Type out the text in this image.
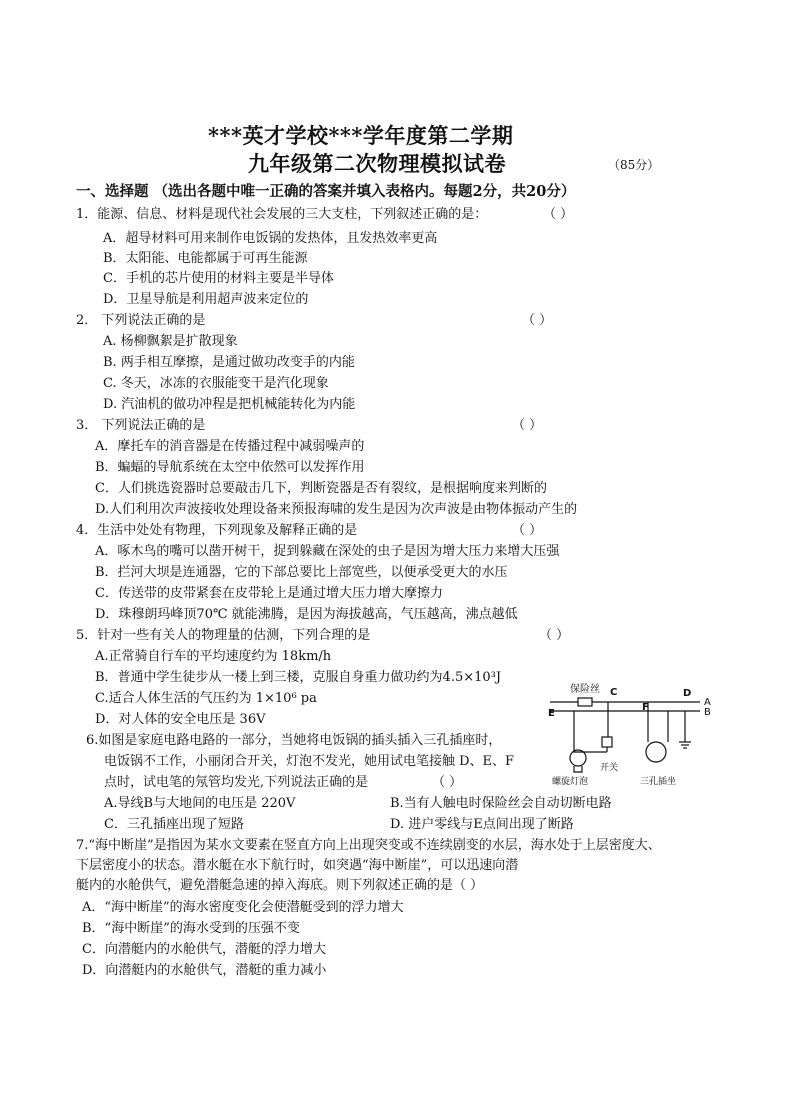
***英才学校***学年度第二学期
九年级第二次物理模拟试卷	（85分）
一、选择题 （选出各题中唯一正确的答案并填入表格内。每题2分，共20分）
1．能源、信息、材料是现代社会发展的三大支柱，下列叙述正确的是：	（ ）
A．超导材料可用来制作电饭锅的发热体，且发热效率更高
B．太阳能、电能都属于可再生能源
C．手机的芯片使用的材料主要是半导体
D．卫星导航是利用超声波来定位的
2． 下列说法正确的是	（ ）
A. 杨柳飘絮是扩散现象
B. 两手相互摩擦，是通过做功改变手的内能
C. 冬天，冰冻的衣服能变干是汽化现象
D. 汽油机的做功冲程是把机械能转化为内能
3． 下列说法正确的是	（ ）
A．摩托车的消音器是在传播过程中减弱噪声的
B．蝙蝠的导航系统在太空中依然可以发挥作用
C．人们挑选瓷器时总要敲击几下，判断瓷器是否有裂纹，是根据响度来判断的
D.人们利用次声波接收处理设备来预报海啸的发生是因为次声波是由物体振动产生的
4．生活中处处有物理，下列现象及解释正确的是	（ ）
A．啄木鸟的嘴可以凿开树干，捉到躲藏在深处的虫子是因为增大压力来增大压强
B．拦河大坝是连通器，它的下部总要比上部宽些，以便承受更大的水压
C．传送带的皮带紧套在皮带轮上是通过增大压力增大摩擦力
D．珠穆朗玛峰顶70℃ 就能沸腾，是因为海拔越高，气压越高，沸点越低
5．针对一些有关人的物理量的估测，下列合理的是	（ ）
A.正常骑自行车的平均速度约为 18km/h
B．普通中学生徒步从一楼上到三楼，克服自身重力做功约为4.5×10³J
C.适合人体生活的气压约为 1×10⁶ pa
D．对人体的安全电压是 36V
6.如图是家庭电路电路的一部分，当她将电饭锅的插头插入三孔插座时，
电饭锅不工作，小丽闭合开关，灯泡不发光，她用试电笔接触 D、E、F
点时，试电笔的氖管均发光,下列说法正确的是	（ ）
A.导线B与大地间的电压是 220V	B.当有人触电时保险丝会自动切断电路
C．三孔插座出现了短路	D. 进户零线与E点间出现了断路
保险丝 C	D
E
F	A
B
开关
螺旋灯泡	三孔插坐
7.“海中断崖”是指因为某水文要素在竖直方向上出现突变或不连续剧变的水层，海水处于上层密度大、
下层密度小的状态。潜水艇在水下航行时，如突遇“海中断崖”，可以迅速向潜
艇内的水舱供气，避免潜艇急速的掉入海底。则下列叙述正确的是（ ）
A．“海中断崖”的海水密度变化会使潜艇受到的浮力增大
B．“海中断崖”的海水受到的压强不变
C．向潜艇内的水舱供气，潜艇的浮力增大
D．向潜艇内的水舱供气，潜艇的重力减小
